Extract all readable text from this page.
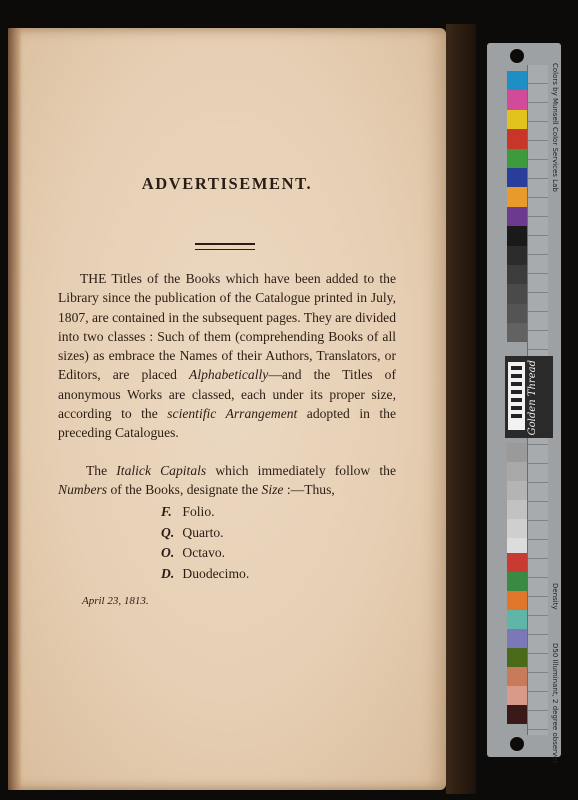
ADVERTISEMENT.

THE Titles of the Books which have been added to the Library since the publication of the Catalogue printed in July, 1807, are contained in the subsequent pages. They are divided into two classes : Such of them (comprehending Books of all sizes) as embrace the Names of their Authors, Translators, or Editors, are placed Alphabetically—and the Titles of anonymous Works are classed, each under its proper size, according to the scientific Arrangement adopted in the preceding Catalogues.

The Italick Capitals which immediately follow the Numbers of the Books, designate the Size :—Thus,

F. Folio.
Q. Quarto.
O. Octavo.
D. Duodecimo.
April 23, 1813.
Colors by Munsell Color Services Lab
Density
D50 Illuminant, 2 degree observer
Golden Thread
